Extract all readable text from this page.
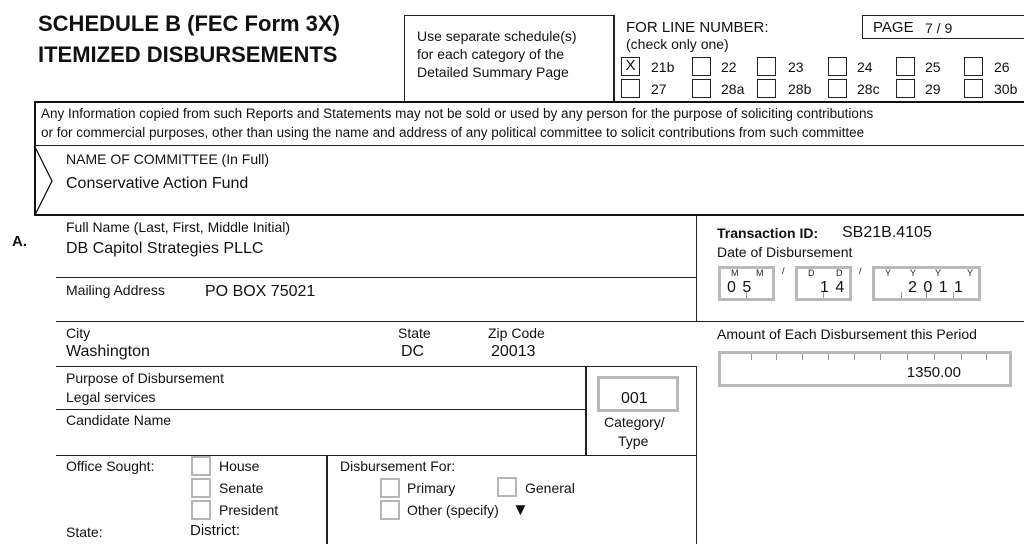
SCHEDULE B (FEC Form 3X)
ITEMIZED DISBURSEMENTS
Use separate schedule(s)
for each category of the
Detailed Summary Page
FOR LINE NUMBER:
(check only one)
PAGE 7 / 9
X	21b	22	23	24	25	26
27	28a	28b	28c	29	30b
Any Information copied from such Reports and Statements may not be sold or used by any person for the purpose of soliciting contributions
or for commercial purposes, other than using the name and address of any political committee to solicit contributions from such committee
NAME OF COMMITTEE (In Full)
Conservative Action Fund
A.
Full Name (Last, First, Middle Initial)
DB Capitol Strategies PLLC
Mailing Address	PO BOX 75021
City
Washington
State
DC
Zip Code
20013
Purpose of Disbursement
Legal services
Candidate Name
001
Category/
Type
Office Sought:	House
Senate
President
State:	District:
Disbursement For:
Primary	General
Other (specify) ▼
Transaction ID: SB21B.4105
Date of Disbursement
M M
0 5
/	D D
1 4
/	Y Y Y	Y
2 0 1 1
Amount of Each Disbursement this Period
1350.00
